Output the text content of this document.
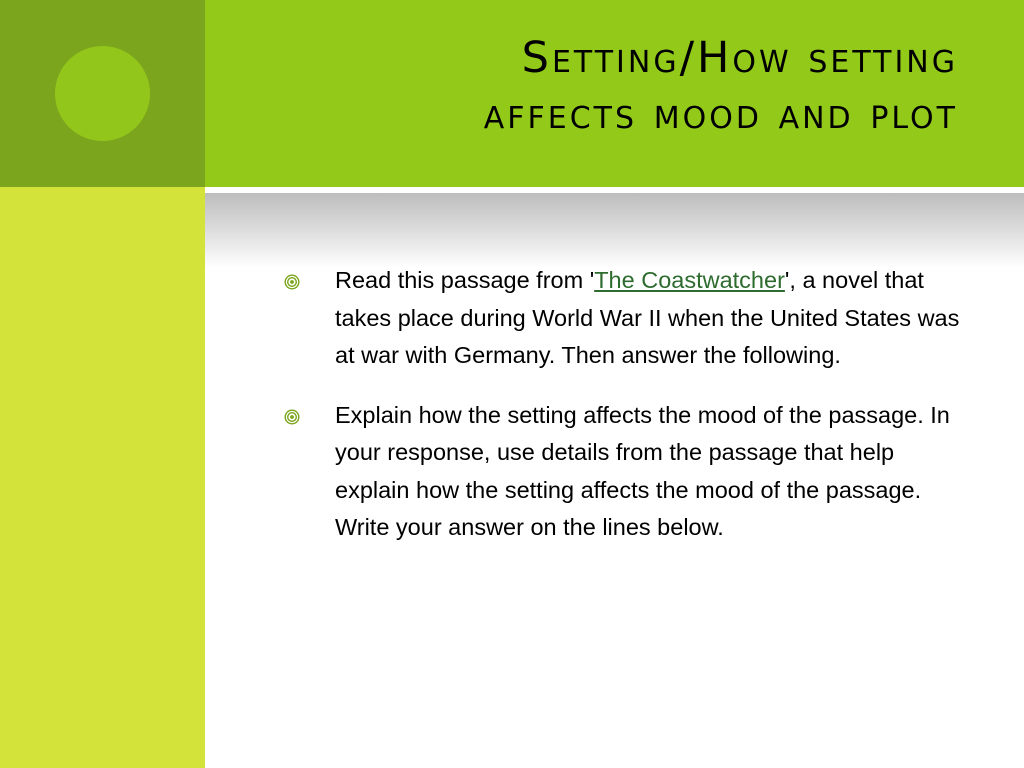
Setting/How setting
affects mood and plot
Read this passage from 'The Coastwatcher', a novel that takes place during World War II when the United States was at war with Germany. Then answer the following.
Explain how the setting affects the mood of the passage. In your response, use details from the passage that help explain how the setting affects the mood of the passage. Write your answer on the lines below.
